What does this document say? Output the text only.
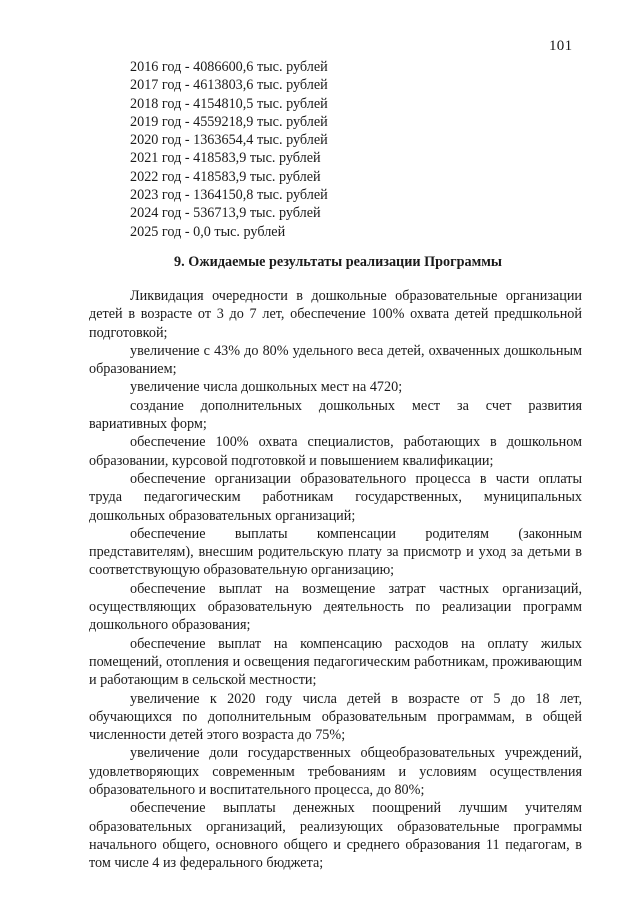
101
2016 год - 4086600,6 тыс. рублей
2017 год - 4613803,6 тыс. рублей
2018 год - 4154810,5 тыс. рублей
2019 год - 4559218,9 тыс. рублей
2020 год - 1363654,4 тыс. рублей
2021 год - 418583,9 тыс. рублей
2022 год - 418583,9 тыс. рублей
2023 год - 1364150,8 тыс. рублей
2024 год - 536713,9 тыс. рублей
2025 год - 0,0 тыс. рублей
9. Ожидаемые результаты реализации Программы

Ликвидация очередности в дошкольные образовательные организации детей в возрасте от 3 до 7 лет, обеспечение 100% охвата детей предшкольной подготовкой;

увеличение с 43% до 80% удельного веса детей, охваченных дошкольным образованием;

увеличение числа дошкольных мест на 4720;

создание дополнительных дошкольных мест за счет развития вариативных форм;

обеспечение 100% охвата специалистов, работающих в дошкольном образовании, курсовой подготовкой и повышением квалификации;

обеспечение организации образовательного процесса в части оплаты труда педагогическим работникам государственных, муниципальных дошкольных образовательных организаций;

обеспечение выплаты компенсации родителям (законным представителям), внесшим родительскую плату за присмотр и уход за детьми в соответствующую образовательную организацию;

обеспечение выплат на возмещение затрат частных организаций, осуществляющих образовательную деятельность по реализации программ дошкольного образования;

обеспечение выплат на компенсацию расходов на оплату жилых помещений, отопления и освещения педагогическим работникам, проживающим и работающим в сельской местности;

увеличение к 2020 году числа детей в возрасте от 5 до 18 лет, обучающихся по дополнительным образовательным программам, в общей численности детей этого возраста до 75%;

увеличение доли государственных общеобразовательных учреждений, удовлетворяющих современным требованиям и условиям осуществления образовательного и воспитательного процесса, до 80%;

обеспечение выплаты денежных поощрений лучшим учителям образовательных организаций, реализующих образовательные программы начального общего, основного общего и среднего образования 11 педагогам, в том числе 4 из федерального бюджета;
